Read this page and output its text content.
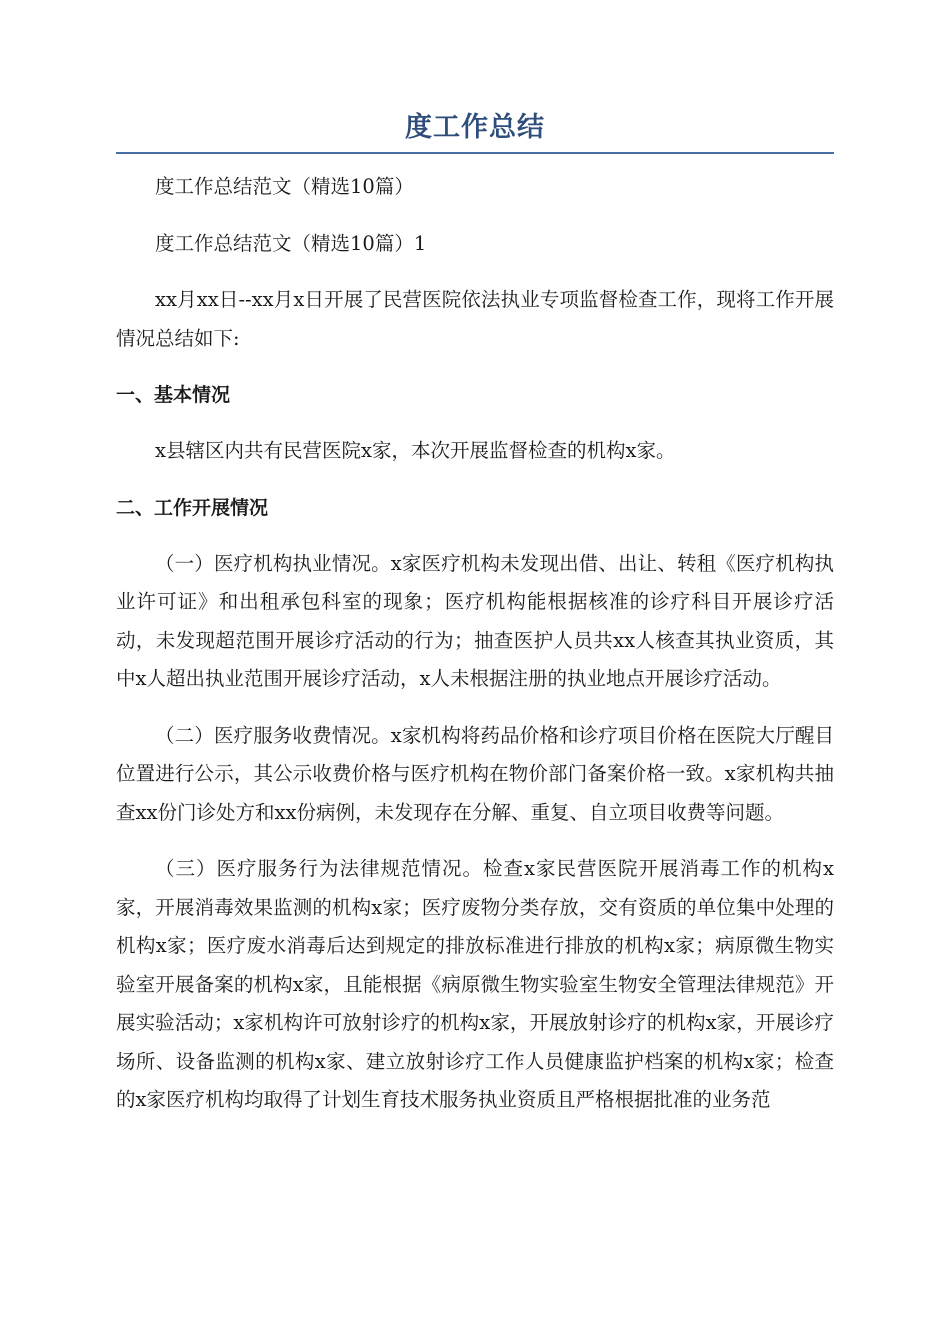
度工作总结

度工作总结范文（精选10篇）

度工作总结范文（精选10篇）1

xx月xx日--xx月x日开展了民营医院依法执业专项监督检查工作，现将工作开展情况总结如下:

一、基本情况

x县辖区内共有民营医院x家，本次开展监督检查的机构x家。

二、工作开展情况

（一）医疗机构执业情况。x家医疗机构未发现出借、出让、转租《医疗机构执业许可证》和出租承包科室的现象；医疗机构能根据核准的诊疗科目开展诊疗活动，未发现超范围开展诊疗活动的行为；抽查医护人员共xx人核查其执业资质，其中x人超出执业范围开展诊疗活动，x人未根据注册的执业地点开展诊疗活动。

（二）医疗服务收费情况。x家机构将药品价格和诊疗项目价格在医院大厅醒目位置进行公示，其公示收费价格与医疗机构在物价部门备案价格一致。x家机构共抽查xx份门诊处方和xx份病例，未发现存在分解、重复、自立项目收费等问题。

（三）医疗服务行为法律规范情况。检查x家民营医院开展消毒工作的机构x家，开展消毒效果监测的机构x家；医疗废物分类存放，交有资质的单位集中处理的机构x家；医疗废水消毒后达到规定的排放标准进行排放的机构x家；病原微生物实验室开展备案的机构x家，且能根据《病原微生物实验室生物安全管理法律规范》开展实验活动；x家机构许可放射诊疗的机构x家，开展放射诊疗的机构x家，开展诊疗场所、设备监测的机构x家、建立放射诊疗工作人员健康监护档案的机构x家；检查的x家医疗机构均取得了计划生育技术服务执业资质且严格根据批准的业务范
